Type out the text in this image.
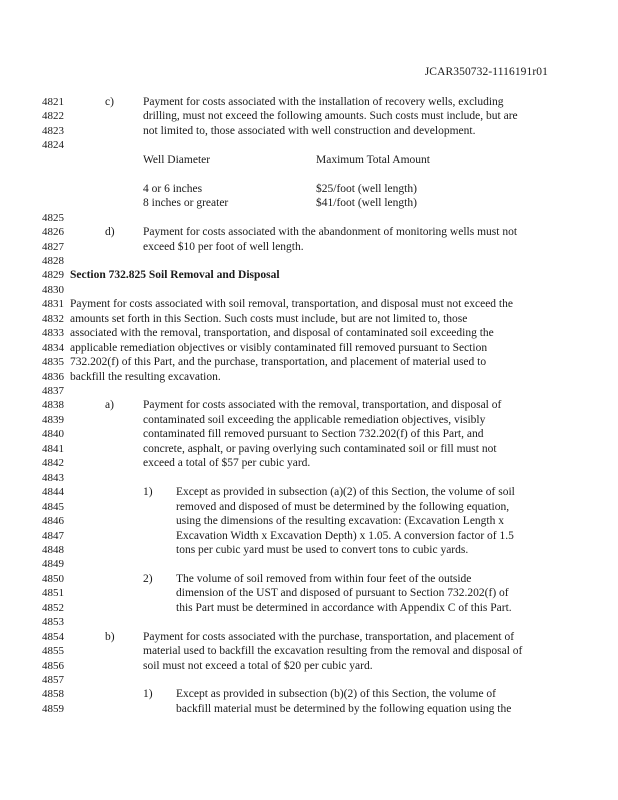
JCAR350732-1116191r01
4821	c)	Payment for costs associated with the installation of recovery wells, excluding
4822	drilling, must not exceed the following amounts. Such costs must include, but are
4823	not limited to, those associated with well construction and development.
4824
Well Diameter	Maximum Total Amount
4 or 6 inches	$25/foot (well length)
8 inches or greater	$41/foot (well length)
4825
4826	d) Payment for costs associated with the abandonment of monitoring wells must not
4827	exceed $10 per foot of well length.
4828
4829 Section 732.825 Soil Removal and Disposal
4830
4831 Payment for costs associated with soil removal, transportation, and disposal must not exceed the
4832 amounts set forth in this Section. Such costs must include, but are not limited to, those
4833 associated with the removal, transportation, and disposal of contaminated soil exceeding the
4834 applicable remediation objectives or visibly contaminated fill removed pursuant to Section
4835 732.202(f) of this Part, and the purchase, transportation, and placement of material used to
4836 backfill the resulting excavation.
4837
4838	a)	Payment for costs associated with the removal, transportation, and disposal of
4839	contaminated soil exceeding the applicable remediation objectives, visibly
4840	contaminated fill removed pursuant to Section 732.202(f) of this Part, and
4841	concrete, asphalt, or paving overlying such contaminated soil or fill must not
4842	exceed a total of $57 per cubic yard.
4843
4844	1) Except as provided in subsection (a)(2) of this Section, the volume of soil
4845	removed and disposed of must be determined by the following equation,
4846	using the dimensions of the resulting excavation: (Excavation Length x
4847	Excavation Width x Excavation Depth) x 1.05. A conversion factor of 1.5
4848	tons per cubic yard must be used to convert tons to cubic yards.
4849
4850	2) The volume of soil removed from within four feet of the outside
4851	dimension of the UST and disposed of pursuant to Section 732.202(f) of
4852	this Part must be determined in accordance with Appendix C of this Part.
4853
4854	b) Payment for costs associated with the purchase, transportation, and placement of
4855	material used to backfill the excavation resulting from the removal and disposal of
4856	soil must not exceed a total of $20 per cubic yard.
4857
4858	1) Except as provided in subsection (b)(2) of this Section, the volume of
4859	backfill material must be determined by the following equation using the
